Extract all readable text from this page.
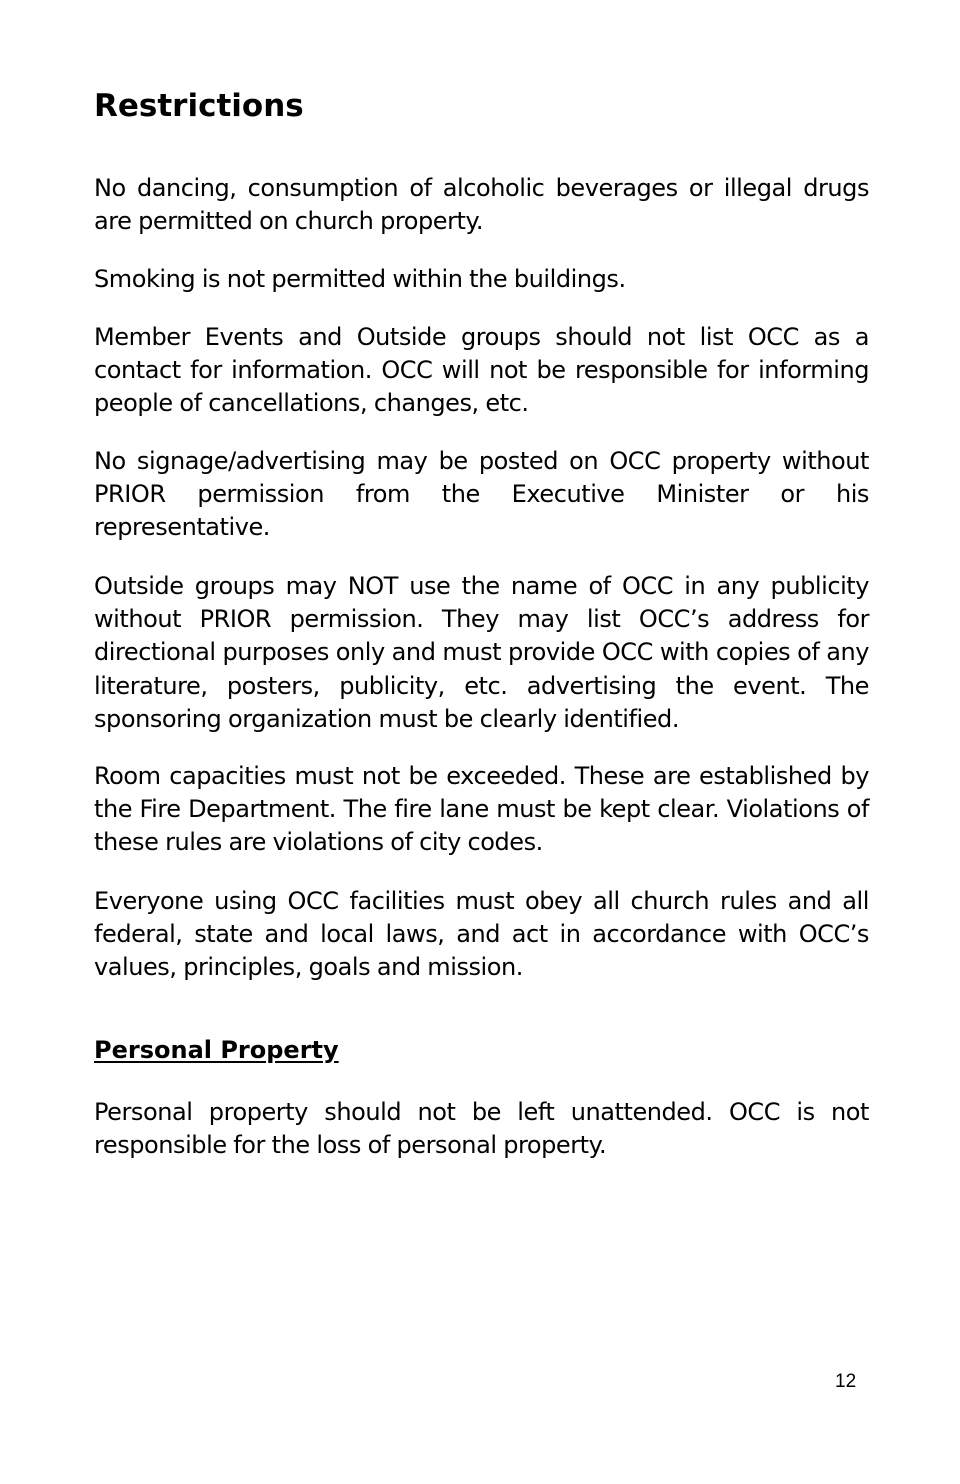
Restrictions

No dancing, consumption of alcoholic beverages or illegal drugs are permitted on church property.

Smoking is not permitted within the buildings.

Member Events and Outside groups should not list OCC as a contact for information. OCC will not be responsible for informing people of cancellations, changes, etc.

No signage/advertising may be posted on OCC property without PRIOR permission from the Executive Minister or his representative.

Outside groups may NOT use the name of OCC in any publicity without PRIOR permission. They may list OCC’s address for directional purposes only and must provide OCC with copies of any literature, posters, publicity, etc. advertising the event. The sponsoring organization must be clearly identified.

Room capacities must not be exceeded. These are established by the Fire Department. The fire lane must be kept clear. Violations of these rules are violations of city codes.

Everyone using OCC facilities must obey all church rules and all federal, state and local laws, and act in accordance with OCC’s values, principles, goals and mission.

Personal Property

Personal property should not be left unattended. OCC is not responsible for the loss of personal property.

12
